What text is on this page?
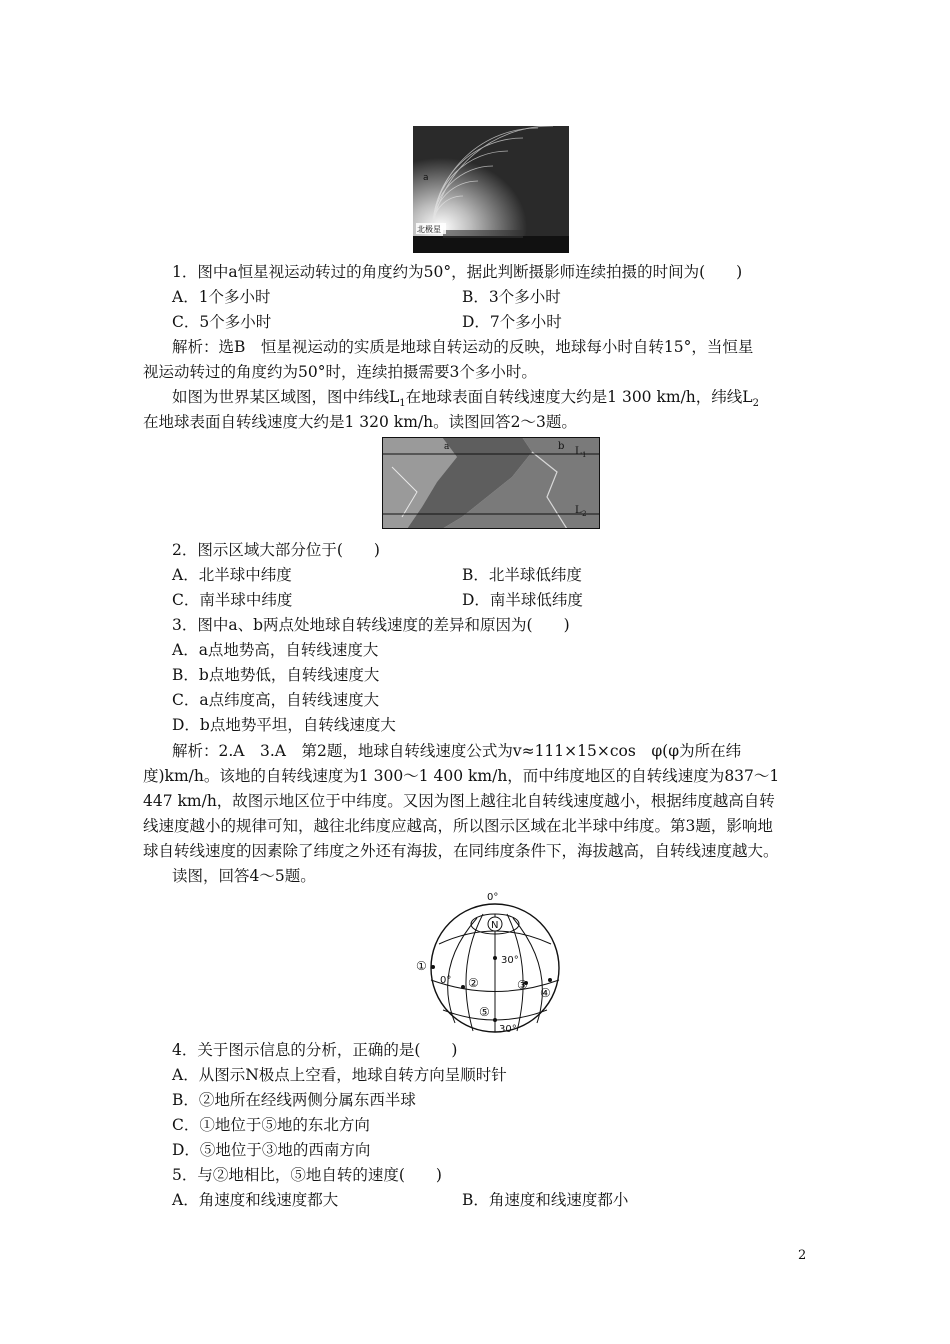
a
北极星
1．图中a恒星视运动转过的角度约为50°，据此判断摄影师连续拍摄的时间为(　　)
A．1个多小时	B．3个多小时
C．5个多小时	D．7个多小时
解析：选B　恒星视运动的实质是地球自转运动的反映，地球每小时自转15°，当恒星
视运动转过的角度约为50°时，连续拍摄需要3个多小时。
如图为世界某区域图，图中纬线$L_1$在地球表面自转线速度大约是1 300 km/h，纬线$L_2$
在地球表面自转线速度大约是1 320 km/h。读图回答2～3题。
a	b L 1
L 2
2．图示区域大部分位于(　　)
A．北半球中纬度	B．北半球低纬度
C．南半球中纬度	D．南半球低纬度
3．图中a、b两点处地球自转线速度的差异和原因为(　　)
A．a点地势高，自转线速度大
B．b点地势低，自转线速度大
C．a点纬度高，自转线速度大
D．b点地势平坦，自转线速度大
解析：2.A　3.A　第2题，地球自转线速度公式为v≈111×15×cos　φ(φ为所在纬
度)km/h。该地的自转线速度为1 300～1 400 km/h，而中纬度地区的自转线速度为837～1
447 km/h，故图示地区位于中纬度。又因为图上越往北自转线速度越小，根据纬度越高自转
线速度越小的规律可知，越往北纬度应越高，所以图示区域在北半球中纬度。第3题，影响地
球自转线速度的因素除了纬度之外还有海拔，在同纬度条件下，海拔越高，自转线速度越大。
读图，回答4～5题。
N
0°
30°
0°
30°
①
②	③
④
⑤
4．关于图示信息的分析，正确的是(　　)
A．从图示N极点上空看，地球自转方向呈顺时针
B．②地所在经线两侧分属东西半球
C．①地位于⑤地的东北方向
D．⑤地位于③地的西南方向
5．与②地相比，⑤地自转的速度(　　)
A．角速度和线速度都大	B．角速度和线速度都小
2
